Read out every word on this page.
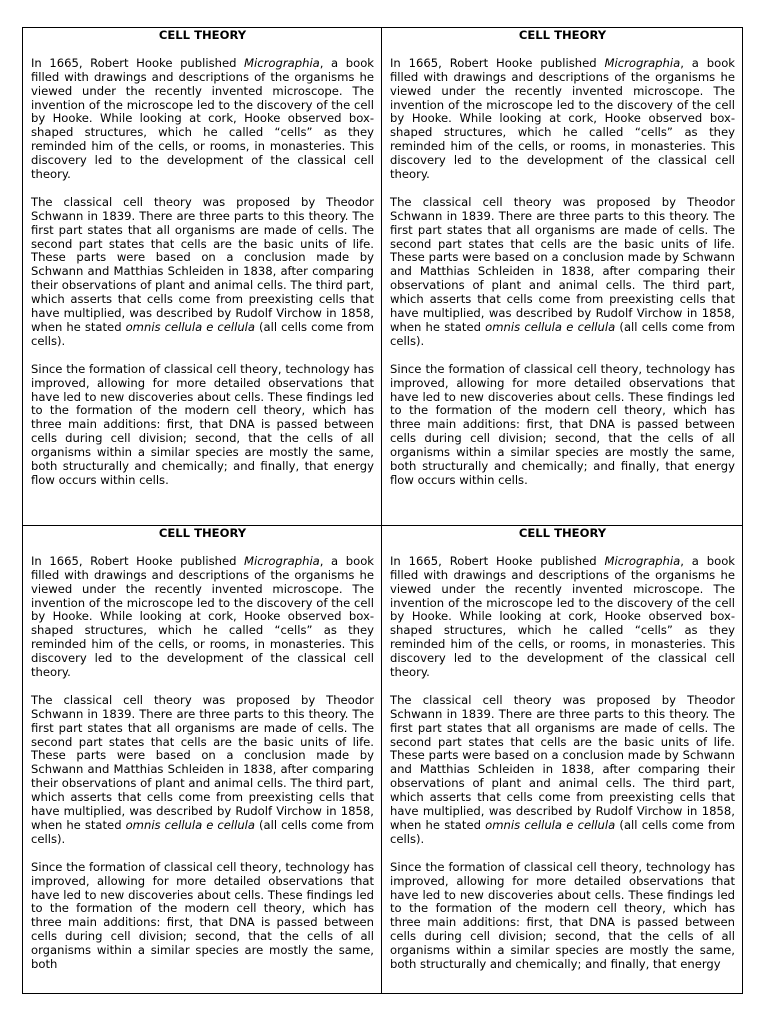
CELL THEORY

In 1665, Robert Hooke published Micrographia, a book filled with drawings and descriptions of the organisms he viewed under the recently invented microscope. The invention of the microscope led to the discovery of the cell by Hooke. While looking at cork, Hooke observed box-shaped structures, which he called “cells” as they reminded him of the cells, or rooms, in monasteries. This discovery led to the development of the classical cell theory.

The classical cell theory was proposed by Theodor Schwann in 1839. There are three parts to this theory. The first part states that all organisms are made of cells. The second part states that cells are the basic units of life. These parts were based on a conclusion made by Schwann and Matthias Schleiden in 1838, after comparing their observations of plant and animal cells. The third part, which asserts that cells come from preexisting cells that have multiplied, was described by Rudolf Virchow in 1858, when he stated omnis cellula e cellula (all cells come from cells).

Since the formation of classical cell theory, technology has improved, allowing for more detailed observations that have led to new discoveries about cells. These findings led to the formation of the modern cell theory, which has three main additions: first, that DNA is passed between cells during cell division; second, that the cells of all organisms within a similar species are mostly the same, both structurally and chemically; and finally, that energy flow occurs within cells.

CELL THEORY

In 1665, Robert Hooke published Micrographia, a book filled with drawings and descriptions of the organisms he viewed under the recently invented microscope. The invention of the microscope led to the discovery of the cell by Hooke. While looking at cork, Hooke observed box-shaped structures, which he called “cells” as they reminded him of the cells, or rooms, in monasteries. This discovery led to the development of the classical cell theory.

The classical cell theory was proposed by Theodor Schwann in 1839. There are three parts to this theory. The first part states that all organisms are made of cells. The second part states that cells are the basic units of life. These parts were based on a conclusion made by Schwann and Matthias Schleiden in 1838, after comparing their observations of plant and animal cells. The third part, which asserts that cells come from preexisting cells that have multiplied, was described by Rudolf Virchow in 1858, when he stated omnis cellula e cellula (all cells come from cells).

Since the formation of classical cell theory, technology has improved, allowing for more detailed observations that have led to new discoveries about cells. These findings led to the formation of the modern cell theory, which has three main additions: first, that DNA is passed between cells during cell division; second, that the cells of all organisms within a similar species are mostly the same, both structurally and chemically; and finally, that energy flow occurs within cells.

CELL THEORY

In 1665, Robert Hooke published Micrographia, a book filled with drawings and descriptions of the organisms he viewed under the recently invented microscope. The invention of the microscope led to the discovery of the cell by Hooke. While looking at cork, Hooke observed box-shaped structures, which he called “cells” as they reminded him of the cells, or rooms, in monasteries. This discovery led to the development of the classical cell theory.

The classical cell theory was proposed by Theodor Schwann in 1839. There are three parts to this theory. The first part states that all organisms are made of cells. The second part states that cells are the basic units of life. These parts were based on a conclusion made by Schwann and Matthias Schleiden in 1838, after comparing their observations of plant and animal cells. The third part, which asserts that cells come from preexisting cells that have multiplied, was described by Rudolf Virchow in 1858, when he stated omnis cellula e cellula (all cells come from cells).

Since the formation of classical cell theory, technology has improved, allowing for more detailed observations that have led to new discoveries about cells. These findings led to the formation of the modern cell theory, which has three main additions: first, that DNA is passed between cells during cell division; second, that the cells of all organisms within a similar species are mostly the same, both

CELL THEORY

In 1665, Robert Hooke published Micrographia, a book filled with drawings and descriptions of the organisms he viewed under the recently invented microscope. The invention of the microscope led to the discovery of the cell by Hooke. While looking at cork, Hooke observed box-shaped structures, which he called “cells” as they reminded him of the cells, or rooms, in monasteries. This discovery led to the development of the classical cell theory.

The classical cell theory was proposed by Theodor Schwann in 1839. There are three parts to this theory. The first part states that all organisms are made of cells. The second part states that cells are the basic units of life. These parts were based on a conclusion made by Schwann and Matthias Schleiden in 1838, after comparing their observations of plant and animal cells. The third part, which asserts that cells come from preexisting cells that have multiplied, was described by Rudolf Virchow in 1858, when he stated omnis cellula e cellula (all cells come from cells).

Since the formation of classical cell theory, technology has improved, allowing for more detailed observations that have led to new discoveries about cells. These findings led to the formation of the modern cell theory, which has three main additions: first, that DNA is passed between cells during cell division; second, that the cells of all organisms within a similar species are mostly the same, both structurally and chemically; and finally, that energy
